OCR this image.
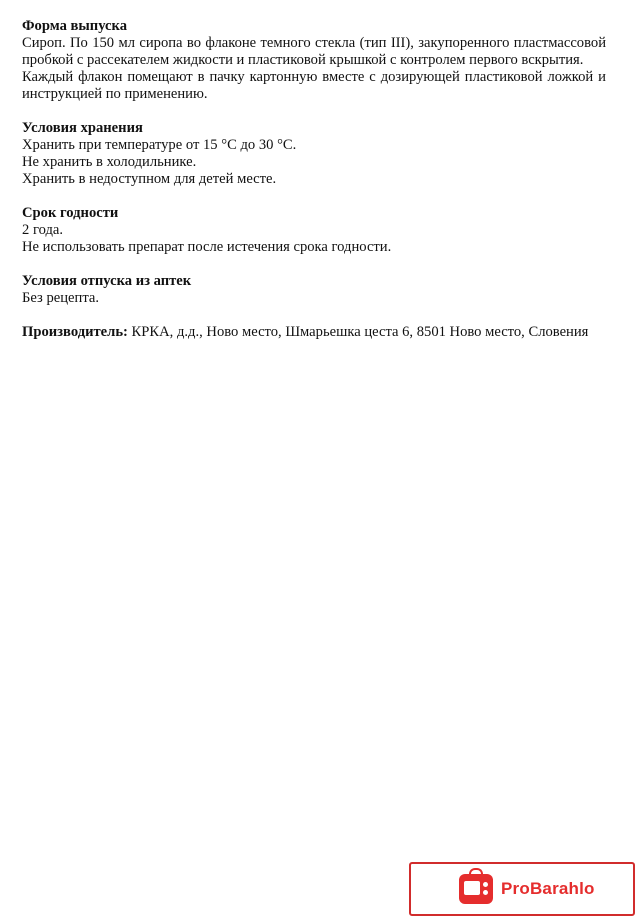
Форма выпуска
Сироп. По 150 мл сиропа во флаконе темного стекла (тип III), закупоренного пластмассовой пробкой с рассекателем жидкости и пластиковой крышкой с контролем первого вскрытия.
Каждый флакон помещают в пачку картонную вместе с дозирующей пластиковой ложкой и инструкцией по применению.
Условия хранения
Хранить при температуре от 15 °С до 30 °С.
Не хранить в холодильнике.
Хранить в недоступном для детей месте.
Срок годности
2 года.
Не использовать препарат после истечения срока годности.
Условия отпуска из аптек
Без рецепта.
Производитель: КРКА, д.д., Ново место, Шмарьешка цеста 6, 8501 Ново место, Словения
ProBarahlo
